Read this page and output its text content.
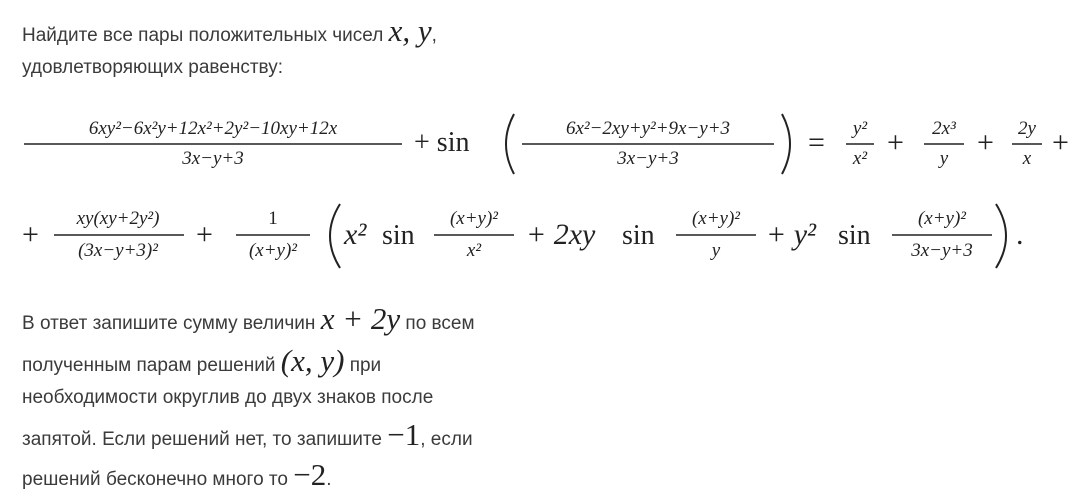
Найдите все пары положительных чисел x, y,
удовлетворяющих равенству:
6xy²−6x²y+12x²+2y²−10xy+12x
3x−y+3
+ sin	6x²−2xy+y²+9x−y+3
3x−y+3	= y²
x² + 2x³
y + 2y
x +
+ xy(xy+2y²)
(3x−y+3)² +	1
(x+y)² x² sin
(x+y)²
x² + 2xy sin
(x+y)²
y + y² sin
(x+y)²
3x−y+3 .
В ответ запишите сумму величин x + 2y по всем
полученным парам решений (x, y) при
необходимости округлив до двух знаков после
запятой. Если решений нет, то запишите −1, если
решений бесконечно много то −2.
